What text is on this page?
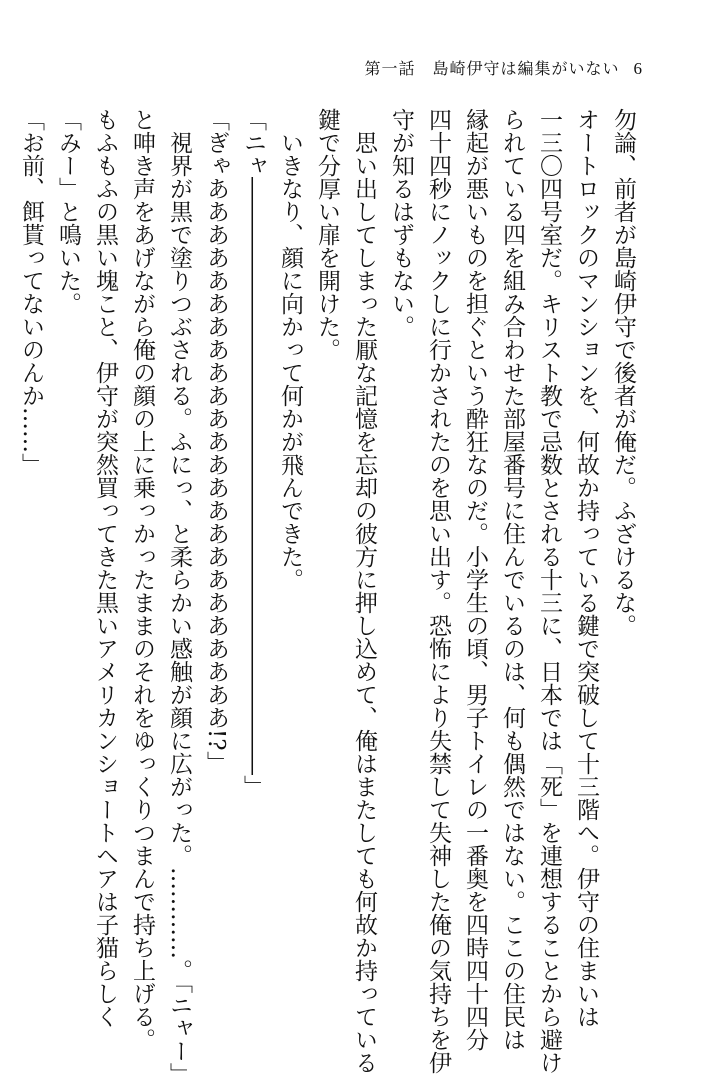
第一話　島崎伊守は編集がいない 6
勿論、前者が島崎伊守で後者が俺だ。ふざけるな。
オートロックのマンションを、何故か持っている鍵で突破して十三階へ。伊守の住まいは
一三〇四号室だ。キリスト教で忌数とされる十三に、日本では「死」を連想することから避け
られている四を組み合わせた部屋番号に住んでいるのは、何も偶然ではない。ここの住民は
縁起が悪いものを担ぐという酔狂なのだ。小学生の頃、男子トイレの一番奥を四時四十四分
四十四秒にノックしに行かされたのを思い出す。恐怖により失禁して失神した俺の気持ちを伊
守が知るはずもない。
思い出してしまった厭な記憶を忘却の彼方に押し込めて、俺はまたしても何故か持っている
鍵で分厚い扉を開けた。
いきなり、顔に向かって何かが飛んできた。
「ニャ――――――――――――――――――――――――――」
「ぎゃああああああああああああああああああああああああ!?」
視界が黒で塗りつぶされる。ふにっ、と柔らかい感触が顔に広がった。…………。「ニャー」
と呻き声をあげながら俺の顔の上に乗っかったままのそれをゆっくりつまんで持ち上げる。
もふもふの黒い塊こと、伊守が突然買ってきた黒いアメリカンショートヘアは子猫らしく
「みー」と鳴いた。
「お前、餌貰ってないのんか……」
